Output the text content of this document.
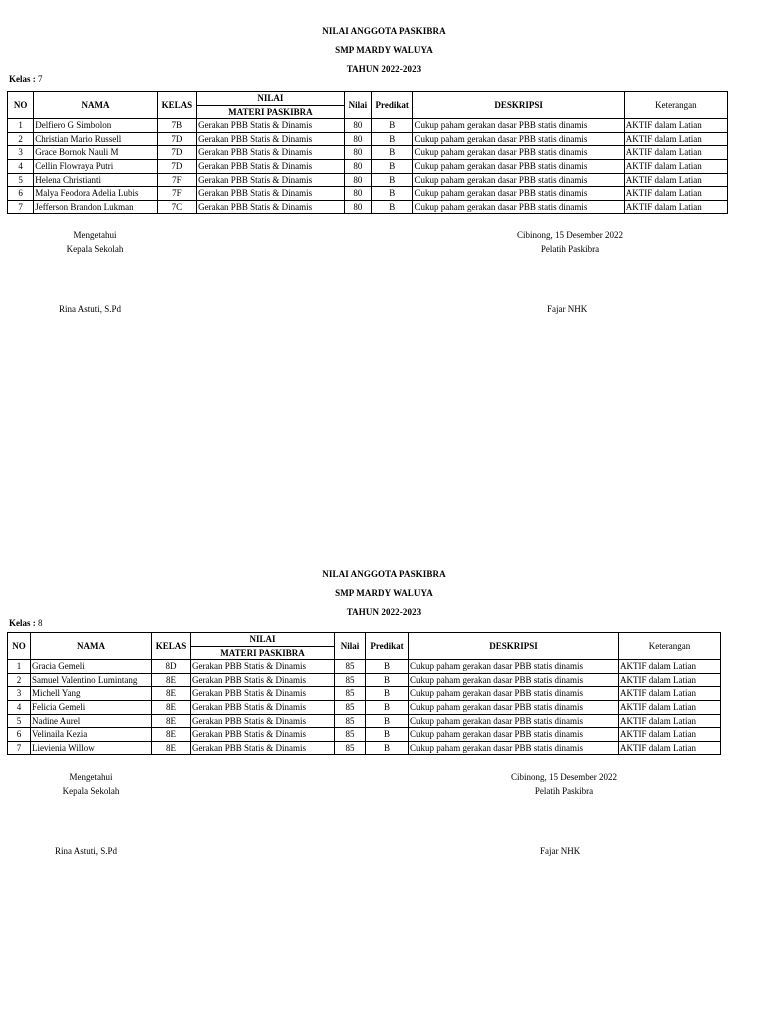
NILAI ANGGOTA PASKIBRA
SMP MARDY WALUYA
TAHUN 2022-2023
Kelas : 7
NO	NAMA	KELAS	NILAI	Nilai	Predikat	DESKRIPSI	Keterangan
			MATERI PASKIBRA				
1	Delfiero G Simbolon	7B	Gerakan PBB Statis & Dinamis	80	B	Cukup paham gerakan dasar PBB statis dinamis	AKTIF dalam Latian
2	Christian Mario Russell	7D	Gerakan PBB Statis & Dinamis	80	B	Cukup paham gerakan dasar PBB statis dinamis	AKTIF dalam Latian
3	Grace Bornok Nauli M	7D	Gerakan PBB Statis & Dinamis	80	B	Cukup paham gerakan dasar PBB statis dinamis	AKTIF dalam Latian
4	Cellin Flowraya Putri	7D	Gerakan PBB Statis & Dinamis	80	B	Cukup paham gerakan dasar PBB statis dinamis	AKTIF dalam Latian
5	Helena Christianti	7F	Gerakan PBB Statis & Dinamis	80	B	Cukup paham gerakan dasar PBB statis dinamis	AKTIF dalam Latian
6	Malya Feodora Adelia Lubis	7F	Gerakan PBB Statis & Dinamis	80	B	Cukup paham gerakan dasar PBB statis dinamis	AKTIF dalam Latian
7	Jefferson Brandon Lukman	7C	Gerakan PBB Statis & Dinamis	80	B	Cukup paham gerakan dasar PBB statis dinamis	AKTIF dalam Latian
Mengetahui
Kepala Sekolah
Rina Astuti, S.Pd
Cibinong, 15 Desember 2022
Pelatih Paskibra
Fajar NHK
NILAI ANGGOTA PASKIBRA
SMP MARDY WALUYA
TAHUN 2022-2023
Kelas : 8
NO	NAMA	KELAS	NILAI	Nilai	Predikat	DESKRIPSI	Keterangan
			MATERI PASKIBRA				
1	Gracia Gemeli	8D	Gerakan PBB Statis & Dinamis	85	B	Cukup paham gerakan dasar PBB statis dinamis	AKTIF dalam Latian
2	Samuel Valentino Lumintang	8E	Gerakan PBB Statis & Dinamis	85	B	Cukup paham gerakan dasar PBB statis dinamis	AKTIF dalam Latian
3	Michell Yang	8E	Gerakan PBB Statis & Dinamis	85	B	Cukup paham gerakan dasar PBB statis dinamis	AKTIF dalam Latian
4	Felicia Gemeli	8E	Gerakan PBB Statis & Dinamis	85	B	Cukup paham gerakan dasar PBB statis dinamis	AKTIF dalam Latian
5	Nadine Aurel	8E	Gerakan PBB Statis & Dinamis	85	B	Cukup paham gerakan dasar PBB statis dinamis	AKTIF dalam Latian
6	Velinaila Kezia	8E	Gerakan PBB Statis & Dinamis	85	B	Cukup paham gerakan dasar PBB statis dinamis	AKTIF dalam Latian
7	Lievienia Willow	8E	Gerakan PBB Statis & Dinamis	85	B	Cukup paham gerakan dasar PBB statis dinamis	AKTIF dalam Latian
Mengetahui
Kepala Sekolah
Rina Astuti, S.Pd
Cibinong, 15 Desember 2022
Pelatih Paskibra
Fajar NHK
